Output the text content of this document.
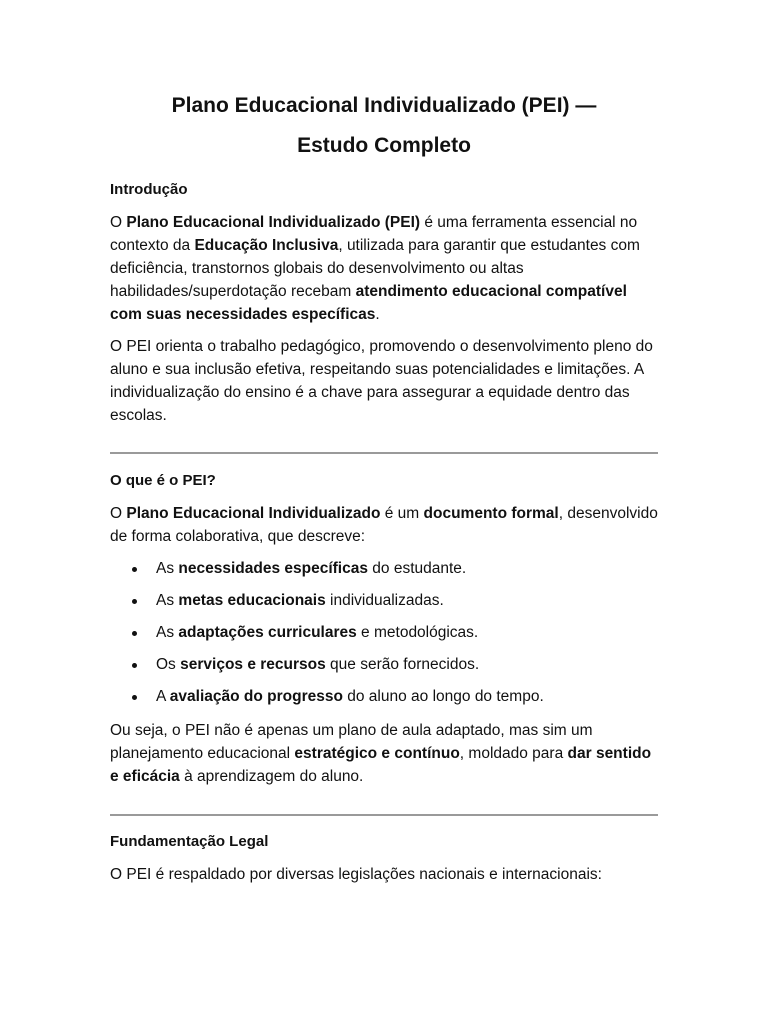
Plano Educacional Individualizado (PEI) —
Estudo Completo
Introdução

O Plano Educacional Individualizado (PEI) é uma ferramenta essencial no contexto da Educação Inclusiva, utilizada para garantir que estudantes com deficiência, transtornos globais do desenvolvimento ou altas habilidades/superdotação recebam atendimento educacional compatível com suas necessidades específicas.

O PEI orienta o trabalho pedagógico, promovendo o desenvolvimento pleno do aluno e sua inclusão efetiva, respeitando suas potencialidades e limitações. A individualização do ensino é a chave para assegurar a equidade dentro das escolas.

O que é o PEI?

O Plano Educacional Individualizado é um documento formal, desenvolvido de forma colaborativa, que descreve:

As necessidades específicas do estudante.
As metas educacionais individualizadas.
As adaptações curriculares e metodológicas.
Os serviços e recursos que serão fornecidos.
A avaliação do progresso do aluno ao longo do tempo.

Ou seja, o PEI não é apenas um plano de aula adaptado, mas sim um planejamento educacional estratégico e contínuo, moldado para dar sentido e eficácia à aprendizagem do aluno.

Fundamentação Legal

O PEI é respaldado por diversas legislações nacionais e internacionais:
